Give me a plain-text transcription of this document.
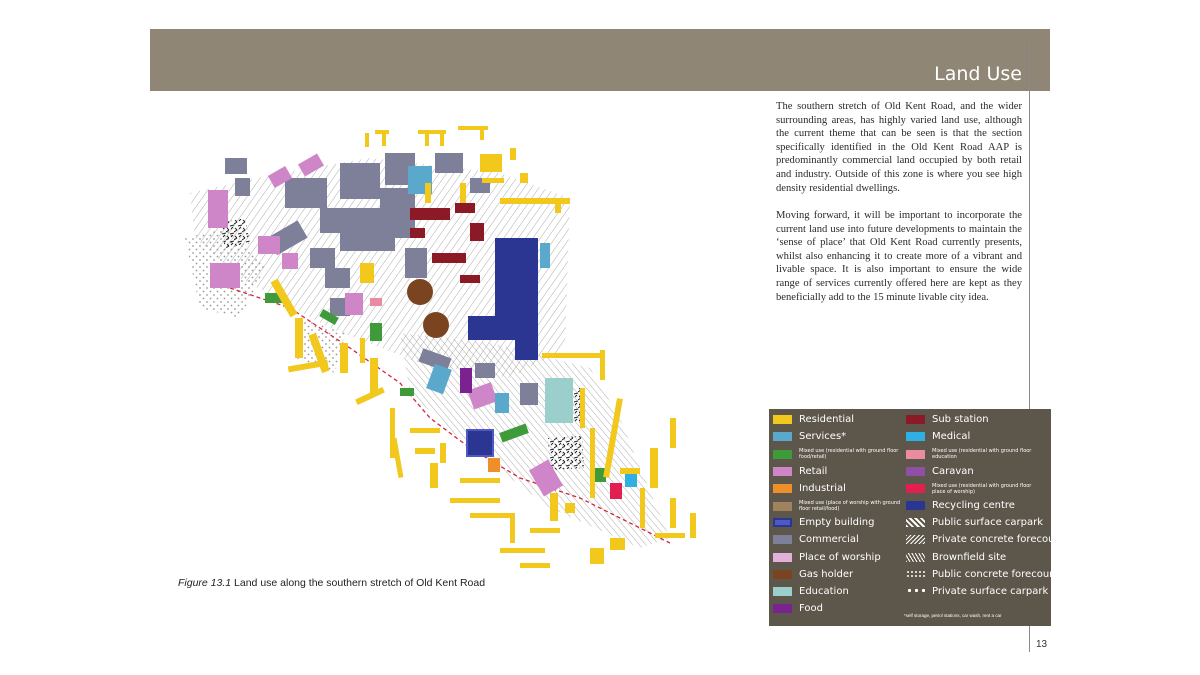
Land Use

The southern stretch of Old Kent Road, and the wider surrounding areas, has highly varied land use, although the current theme that can be seen is that the section specifically identified in the Old Kent Road AAP is predominantly commercial land occupied by both retail and industry. Outside of this zone is where you see high density residential dwellings.

Moving forward, it will be important to incorporate the current land use into future developments to maintain the ‘sense of place’ that Old Kent Road currently presents, whilst also enhancing it to create more of a vibrant and livable space. It is also important to ensure the wide range of services currently offered here are kept as they beneficially add to the 15 minute livable city idea.

Figure 13.1 Land use along the southern stretch of Old Kent Road
Residential
Services*
Mixed use (residential with ground floor food/retail)
Retail
Industrial
Mixed use (place of worship with ground floor retail/food)
Empty building
Commercial
Place of worship
Gas holder
Education
Food
Sub station
Medical
Mixed use (residential with ground floor education
Caravan
Mixed use (residential with ground floor place of worship)
Recycling centre
Public surface carpark
Private concrete forecourt
Brownfield site
Public concrete forecourt
Private surface carpark
*self storage, petrol stations, car wash, rent a car
13
